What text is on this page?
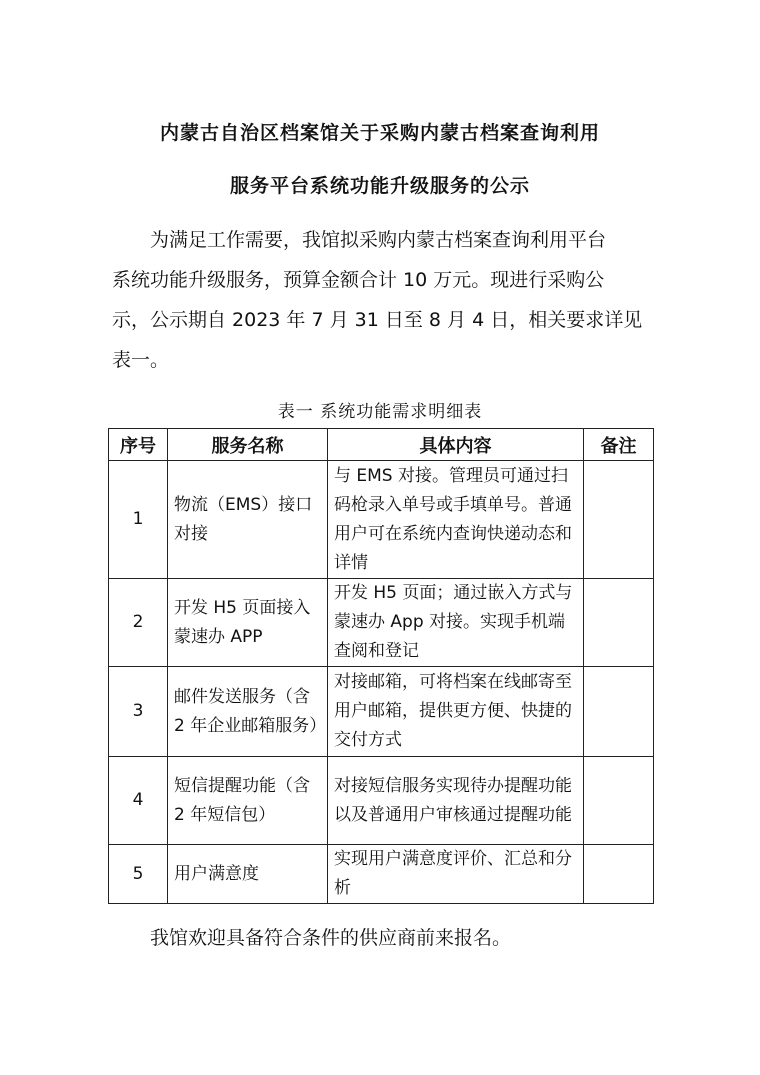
内蒙古自治区档案馆关于采购内蒙古档案查询利用
服务平台系统功能升级服务的公示
为满足工作需要，我馆拟采购内蒙古档案查询利用平台
系统功能升级服务，预算金额合计 10 万元。现进行采购公
示，公示期自 2023 年 7 月 31 日至 8 月 4 日，相关要求详见
表一。
表一 系统功能需求明细表
序号	服务名称	具体内容	备注
1	物流（EMS）接口对接	与 EMS 对接。管理员可通过扫码枪录入单号或手填单号。普通用户可在系统内查询快递动态和详情	
2	开发 H5 页面接入蒙速办 APP	开发 H5 页面；通过嵌入方式与蒙速办 App 对接。实现手机端查阅和登记	
3	邮件发送服务（含 2 年企业邮箱服务）	对接邮箱，可将档案在线邮寄至用户邮箱，提供更方便、快捷的交付方式	
4	短信提醒功能（含 2 年短信包）	对接短信服务实现待办提醒功能以及普通用户审核通过提醒功能	
5	用户满意度	实现用户满意度评价、汇总和分析	
我馆欢迎具备符合条件的供应商前来报名。
